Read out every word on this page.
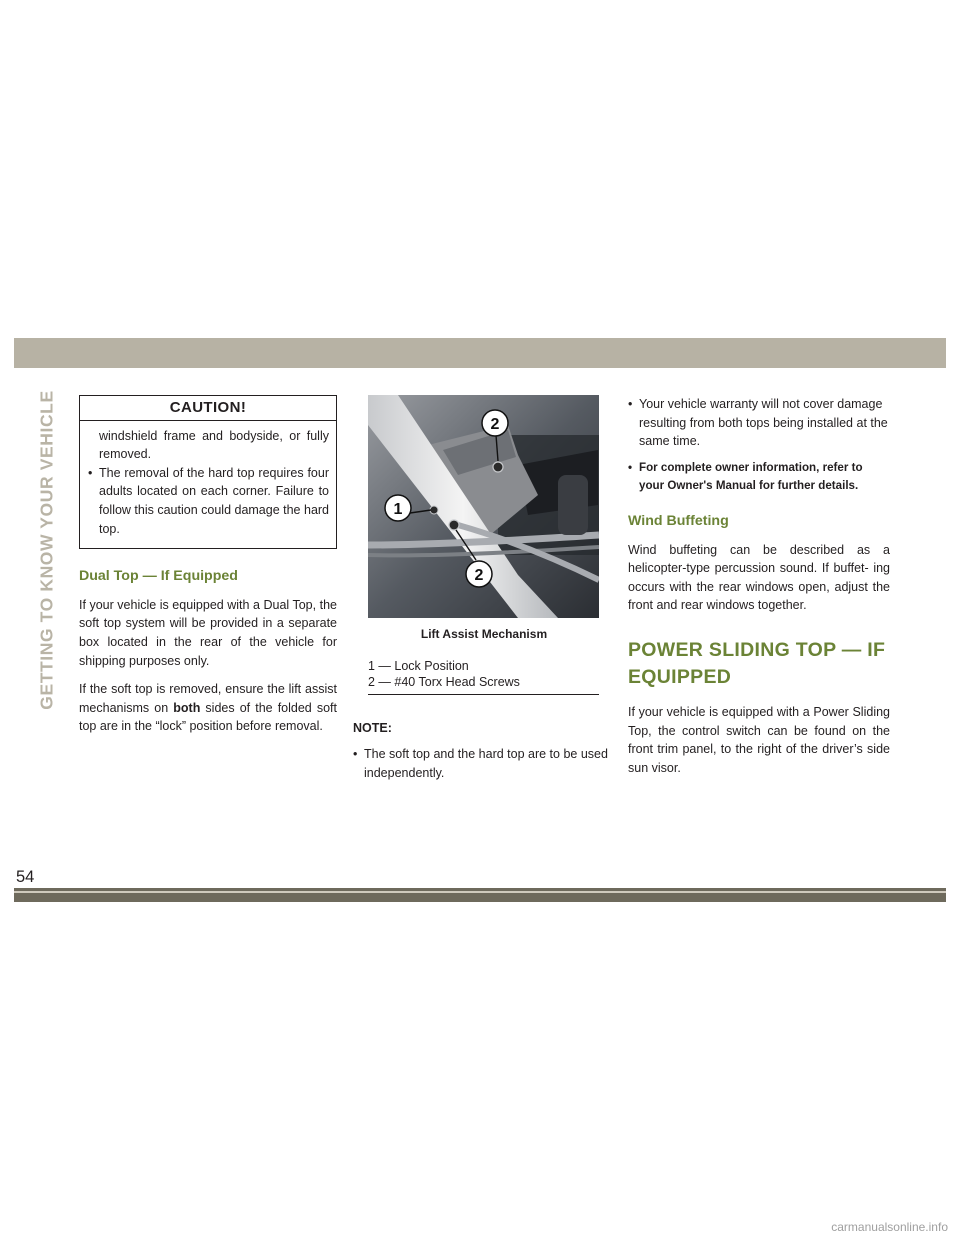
GETTING TO KNOW YOUR VEHICLE	CAUTION!
windshield frame and bodyside, or fully removed.
• The removal of the hard top requires four adults located on each corner. Failure to follow this caution could damage the hard top.
Dual Top — If Equipped

If your vehicle is equipped with a Dual Top, the soft top system will be provided in a separate box located in the rear of the vehicle for shipping purposes only.

If the soft top is removed, ensure the lift assist mechanisms on both sides of the folded soft top are in the “lock” position before removal.

1
2
2
Lift Assist Mechanism
1 — Lock Position
2 — #40 Torx Head Screws
NOTE:
• The soft top and the hard top are to be used independently.
• Your vehicle warranty will not cover damage resulting from both tops being installed at the same time.
• For complete owner information, refer to your Owner's Manual for further details.
Wind Buffeting

Wind buffeting can be described as a helicopter-type percussion sound. If buffet- ing occurs with the rear windows open, adjust the front and rear windows together.

POWER SLIDING TOP — IF EQUIPPED

If your vehicle is equipped with a Power Sliding Top, the control switch can be found on the front trim panel, to the right of the driver’s side sun visor.

54
carmanualsonline.info
